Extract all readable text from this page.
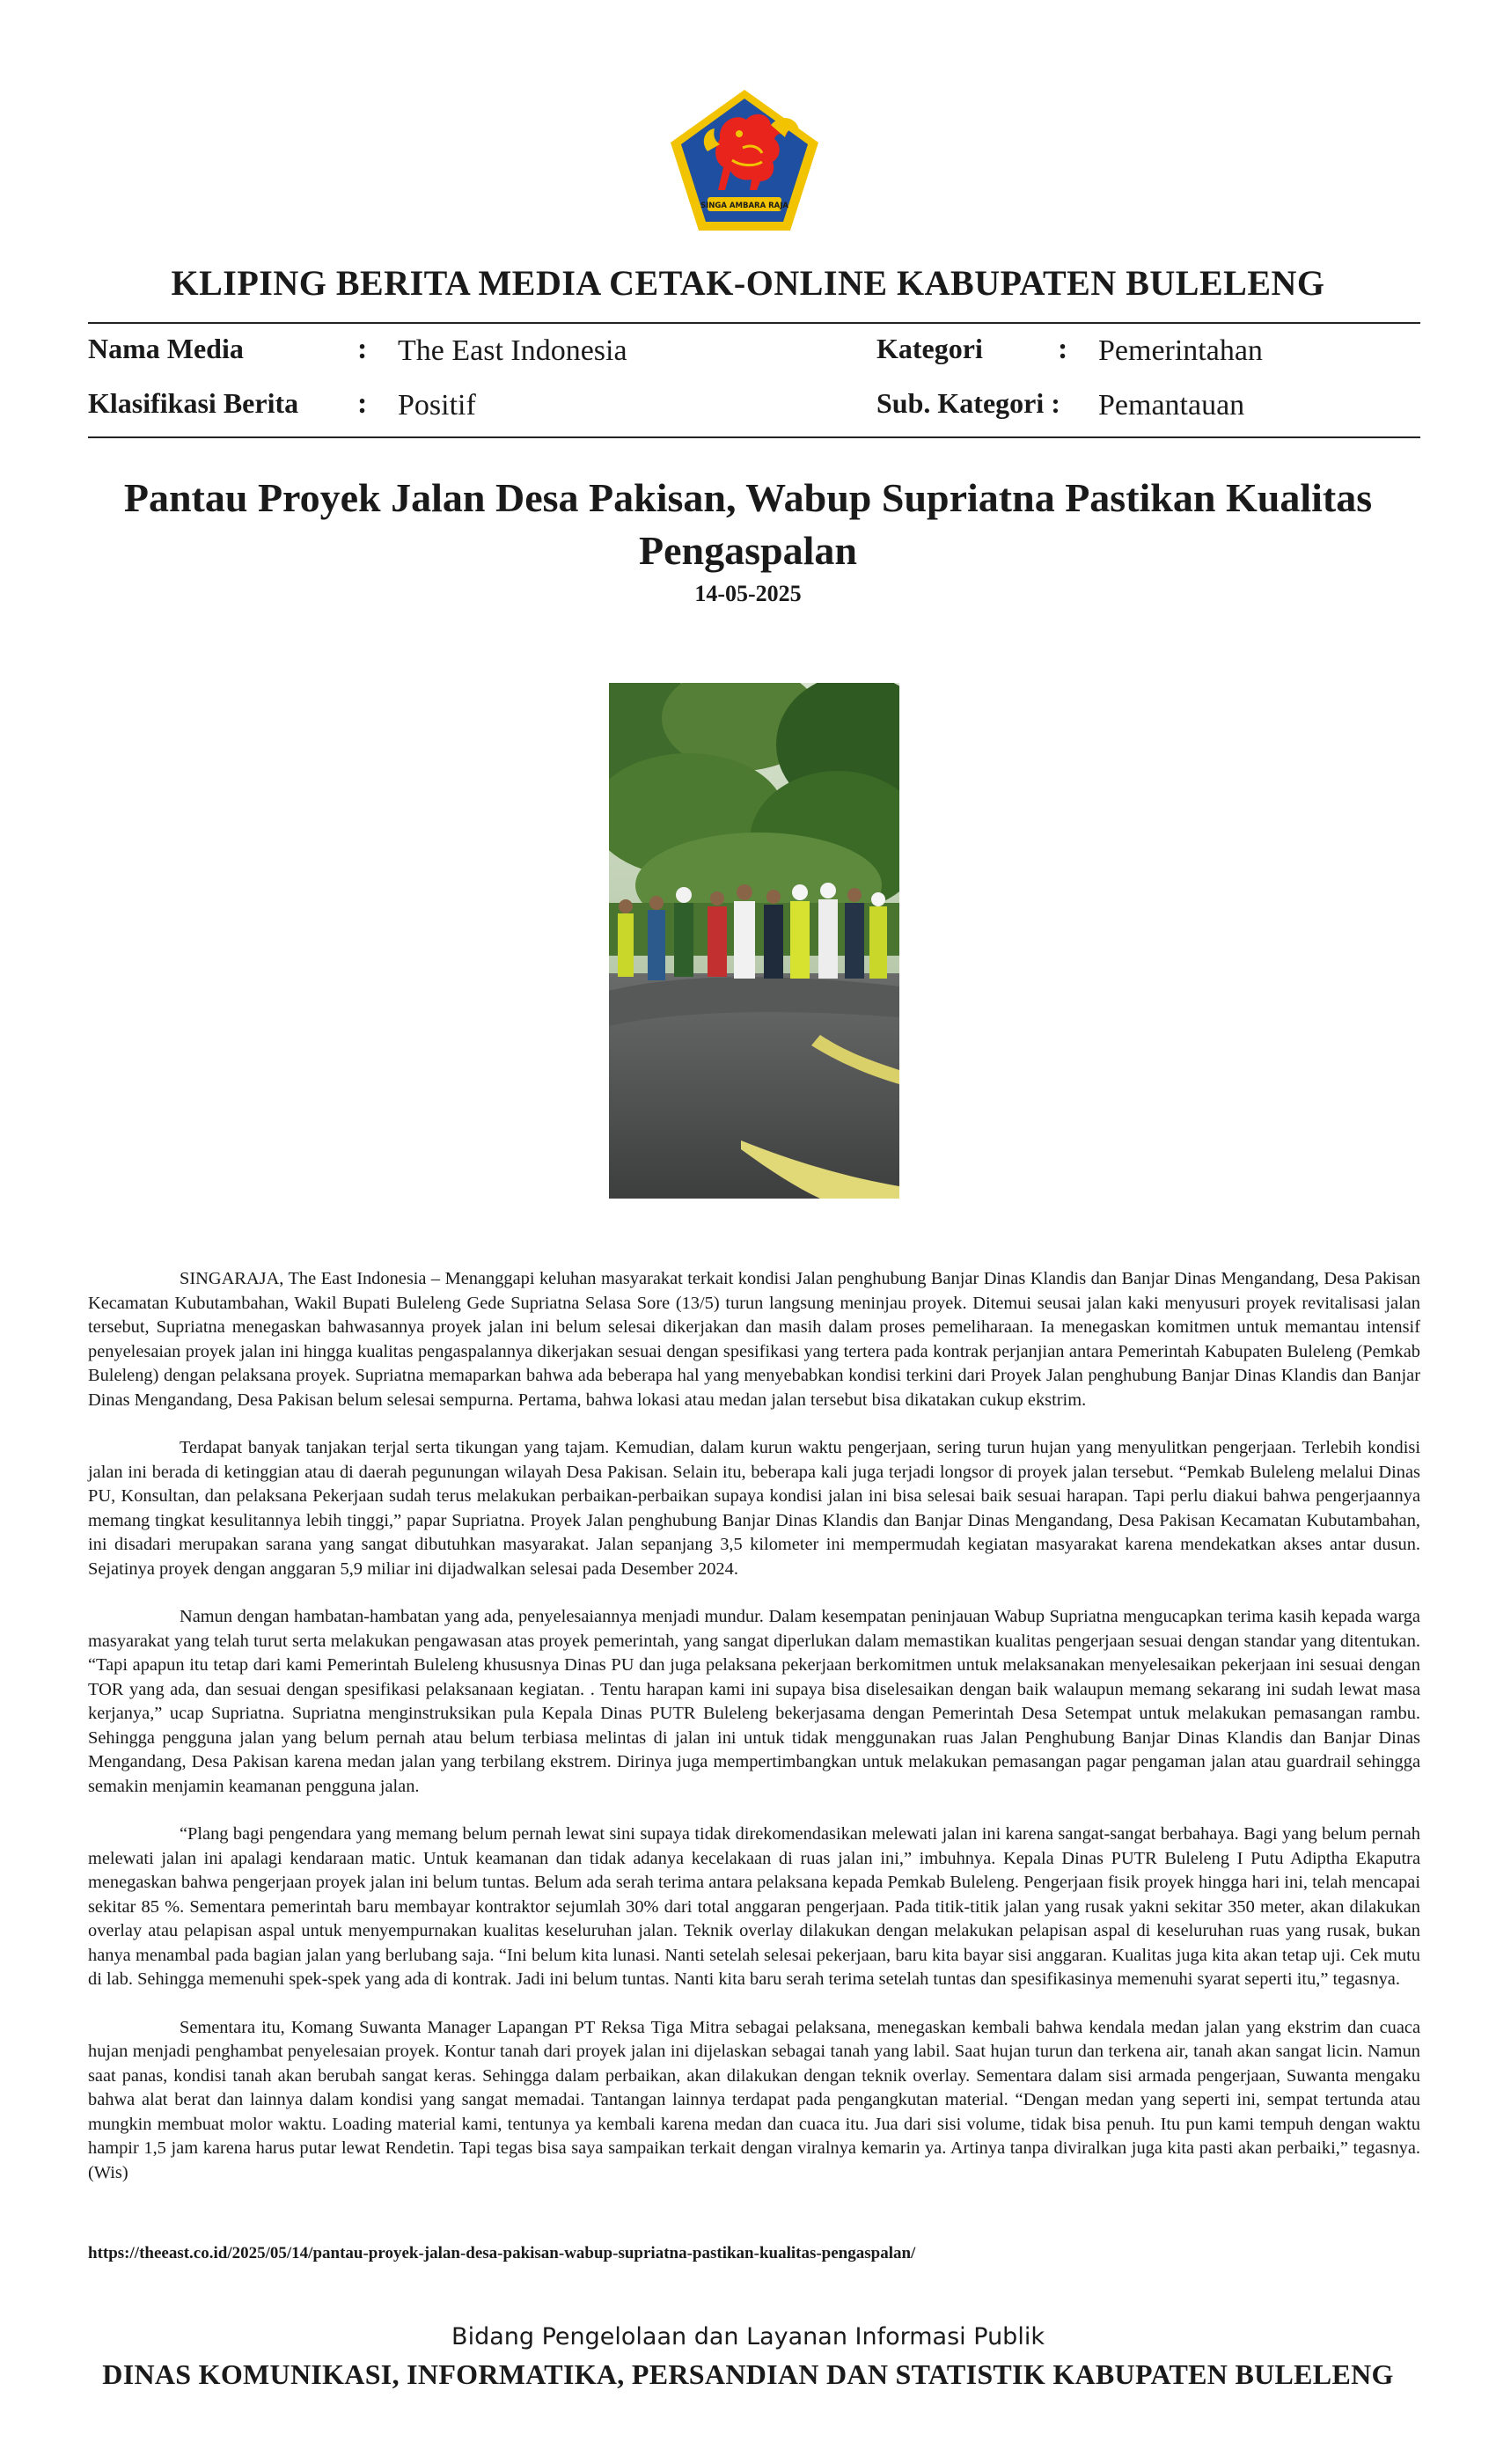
SINGA AMBARA RAJA
KLIPING BERITA MEDIA CETAK-ONLINE KABUPATEN BULELENG
Nama Media	: The East Indonesia	Kategori	: Pemerintahan
Klasifikasi Berita : Positif	Sub. Kategori : Pemantauan
Pantau Proyek Jalan Desa Pakisan, Wabup Supriatna Pastikan Kualitas Pengaspalan
14-05-2025

SINGARAJA, The East Indonesia – Menanggapi keluhan masyarakat terkait kondisi Jalan penghubung Banjar Dinas Klandis dan Banjar Dinas Mengandang, Desa Pakisan Kecamatan Kubutambahan, Wakil Bupati Buleleng Gede Supriatna Selasa Sore (13/5) turun langsung meninjau proyek. Ditemui seusai jalan kaki menyusuri proyek revitalisasi jalan tersebut, Supriatna menegaskan bahwasannya proyek jalan ini belum selesai dikerjakan dan masih dalam proses pemeliharaan. Ia menegaskan komitmen untuk memantau intensif penyelesaian proyek jalan ini hingga kualitas pengaspalannya dikerjakan sesuai dengan spesifikasi yang tertera pada kontrak perjanjian antara Pemerintah Kabupaten Buleleng (Pemkab Buleleng) dengan pelaksana proyek. Supriatna memaparkan bahwa ada beberapa hal yang menyebabkan kondisi terkini dari Proyek Jalan penghubung Banjar Dinas Klandis dan Banjar Dinas Mengandang, Desa Pakisan belum selesai sempurna. Pertama, bahwa lokasi atau medan jalan tersebut bisa dikatakan cukup ekstrim.

Terdapat banyak tanjakan terjal serta tikungan yang tajam. Kemudian, dalam kurun waktu pengerjaan, sering turun hujan yang menyulitkan pengerjaan. Terlebih kondisi jalan ini berada di ketinggian atau di daerah pegunungan wilayah Desa Pakisan. Selain itu, beberapa kali juga terjadi longsor di proyek jalan tersebut. “Pemkab Buleleng melalui Dinas PU, Konsultan, dan pelaksana Pekerjaan sudah terus melakukan perbaikan-perbaikan supaya kondisi jalan ini bisa selesai baik sesuai harapan. Tapi perlu diakui bahwa pengerjaannya memang tingkat kesulitannya lebih tinggi,” papar Supriatna. Proyek Jalan penghubung Banjar Dinas Klandis dan Banjar Dinas Mengandang, Desa Pakisan Kecamatan Kubutambahan, ini disadari merupakan sarana yang sangat dibutuhkan masyarakat. Jalan sepanjang 3,5 kilometer ini mempermudah kegiatan masyarakat karena mendekatkan akses antar dusun. Sejatinya proyek dengan anggaran 5,9 miliar ini dijadwalkan selesai pada Desember 2024.

Namun dengan hambatan-hambatan yang ada, penyelesaiannya menjadi mundur. Dalam kesempatan peninjauan Wabup Supriatna mengucapkan terima kasih kepada warga masyarakat yang telah turut serta melakukan pengawasan atas proyek pemerintah, yang sangat diperlukan dalam memastikan kualitas pengerjaan sesuai dengan standar yang ditentukan. “Tapi apapun itu tetap dari kami Pemerintah Buleleng khususnya Dinas PU dan juga pelaksana pekerjaan berkomitmen untuk melaksanakan menyelesaikan pekerjaan ini sesuai dengan TOR yang ada, dan sesuai dengan spesifikasi pelaksanaan kegiatan. . Tentu harapan kami ini supaya bisa diselesaikan dengan baik walaupun memang sekarang ini sudah lewat masa kerjanya,” ucap Supriatna. Supriatna menginstruksikan pula Kepala Dinas PUTR Buleleng bekerjasama dengan Pemerintah Desa Setempat untuk melakukan pemasangan rambu. Sehingga pengguna jalan yang belum pernah atau belum terbiasa melintas di jalan ini untuk tidak menggunakan ruas Jalan Penghubung Banjar Dinas Klandis dan Banjar Dinas Mengandang, Desa Pakisan karena medan jalan yang terbilang ekstrem. Dirinya juga mempertimbangkan untuk melakukan pemasangan pagar pengaman jalan atau guardrail sehingga semakin menjamin keamanan pengguna jalan.

“Plang bagi pengendara yang memang belum pernah lewat sini supaya tidak direkomendasikan melewati jalan ini karena sangat-sangat berbahaya. Bagi yang belum pernah melewati jalan ini apalagi kendaraan matic. Untuk keamanan dan tidak adanya kecelakaan di ruas jalan ini,” imbuhnya. Kepala Dinas PUTR Buleleng I Putu Adiptha Ekaputra menegaskan bahwa pengerjaan proyek jalan ini belum tuntas. Belum ada serah terima antara pelaksana kepada Pemkab Buleleng. Pengerjaan fisik proyek hingga hari ini, telah mencapai sekitar 85 %. Sementara pemerintah baru membayar kontraktor sejumlah 30% dari total anggaran pengerjaan. Pada titik-titik jalan yang rusak yakni sekitar 350 meter, akan dilakukan overlay atau pelapisan aspal untuk menyempurnakan kualitas keseluruhan jalan. Teknik overlay dilakukan dengan melakukan pelapisan aspal di keseluruhan ruas yang rusak, bukan hanya menambal pada bagian jalan yang berlubang saja. “Ini belum kita lunasi. Nanti setelah selesai pekerjaan, baru kita bayar sisi anggaran. Kualitas juga kita akan tetap uji. Cek mutu di lab. Sehingga memenuhi spek-spek yang ada di kontrak. Jadi ini belum tuntas. Nanti kita baru serah terima setelah tuntas dan spesifikasinya memenuhi syarat seperti itu,” tegasnya.

Sementara itu, Komang Suwanta Manager Lapangan PT Reksa Tiga Mitra sebagai pelaksana, menegaskan kembali bahwa kendala medan jalan yang ekstrim dan cuaca hujan menjadi penghambat penyelesaian proyek. Kontur tanah dari proyek jalan ini dijelaskan sebagai tanah yang labil. Saat hujan turun dan terkena air, tanah akan sangat licin. Namun saat panas, kondisi tanah akan berubah sangat keras. Sehingga dalam perbaikan, akan dilakukan dengan teknik overlay. Sementara dalam sisi armada pengerjaan, Suwanta mengaku bahwa alat berat dan lainnya dalam kondisi yang sangat memadai. Tantangan lainnya terdapat pada pengangkutan material. “Dengan medan yang seperti ini, sempat tertunda atau mungkin membuat molor waktu. Loading material kami, tentunya ya kembali karena medan dan cuaca itu. Jua dari sisi volume, tidak bisa penuh. Itu pun kami tempuh dengan waktu hampir 1,5 jam karena harus putar lewat Rendetin. Tapi tegas bisa saya sampaikan terkait dengan viralnya kemarin ya. Artinya tanpa diviralkan juga kita pasti akan perbaiki,” tegasnya.(Wis)

https://theeast.co.id/2025/05/14/pantau-proyek-jalan-desa-pakisan-wabup-supriatna-pastikan-kualitas-pengaspalan/
Bidang Pengelolaan dan Layanan Informasi Publik
DINAS KOMUNIKASI, INFORMATIKA, PERSANDIAN DAN STATISTIK KABUPATEN BULELENG
